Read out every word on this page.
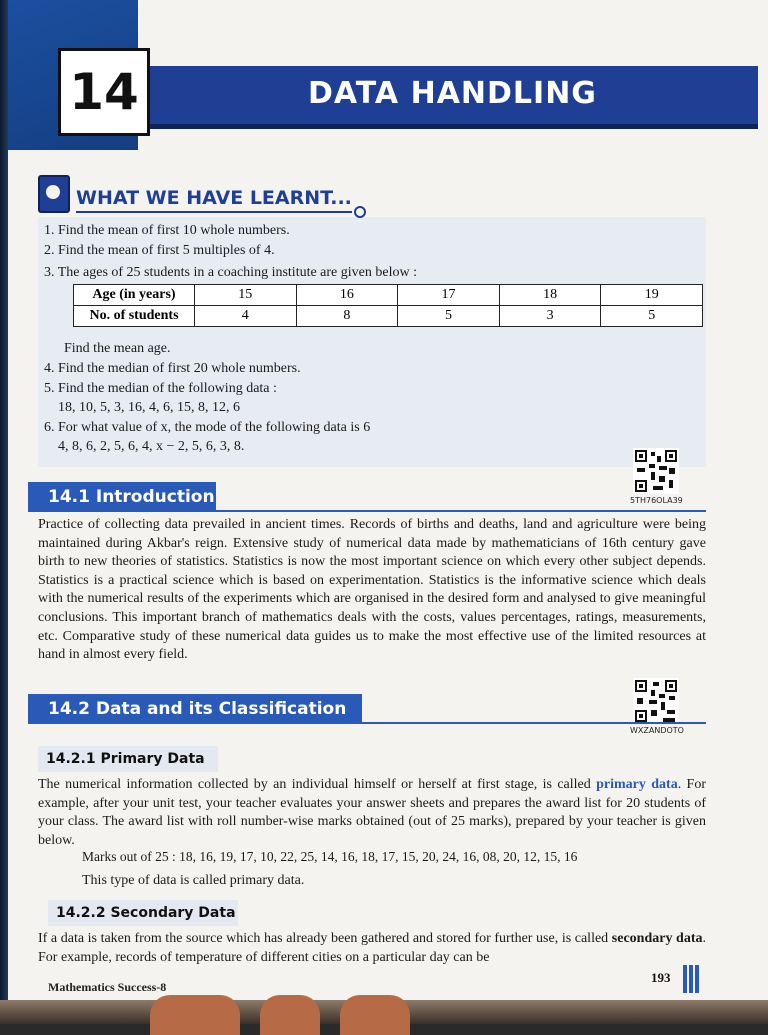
14	DATA HANDLING
WHAT WE HAVE LEARNT...
1. Find the mean of first 10 whole numbers.
2. Find the mean of first 5 multiples of 4.
3. The ages of 25 students in a coaching institute are given below :
Age (in years)	15	16	17	18	19
No. of students	4	8	5	3	5
Find the mean age.
4. Find the median of first 20 whole numbers.
5. Find the median of the following data :
18, 10, 5, 3, 16, 4, 6, 15, 8, 12, 6
6. For what value of x, the mode of the following data is 6
4, 8, 6, 2, 5, 6, 4, x − 2, 5, 6, 3, 8.
5TH76OLA39
14.1 Introduction
Practice of collecting data prevailed in ancient times. Records of births and deaths, land and agriculture were being maintained during Akbar's reign. Extensive study of numerical data made by mathematicians of 16th century gave birth to new theories of statistics. Statistics is now the most important science on which every other subject depends. Statistics is a practical science which is based on experimentation. Statistics is the informative science which deals with the numerical results of the experiments which are organised in the desired form and analysed to give meaningful conclusions. This important branch of mathematics deals with the costs, values percentages, ratings, measurements, etc. Comparative study of these numerical data guides us to make the most effective use of the limited resources at hand in almost every field.
WXZANDOTO
14.2 Data and its Classification
14.2.1 Primary Data
The numerical information collected by an individual himself or herself at first stage, is called primary data. For example, after your unit test, your teacher evaluates your answer sheets and prepares the award list for 20 students of your class. The award list with roll number-wise marks obtained (out of 25 marks), prepared by your teacher is given below.
Marks out of 25 : 18, 16, 19, 17, 10, 22, 25, 14, 16, 18, 17, 15, 20, 24, 16, 08, 20, 12, 15, 16
This type of data is called primary data.
14.2.2 Secondary Data
If a data is taken from the source which has already been gathered and stored for further use, is called secondary data. For example, records of temperature of different cities on a particular day can be
Mathematics Success-8
193
